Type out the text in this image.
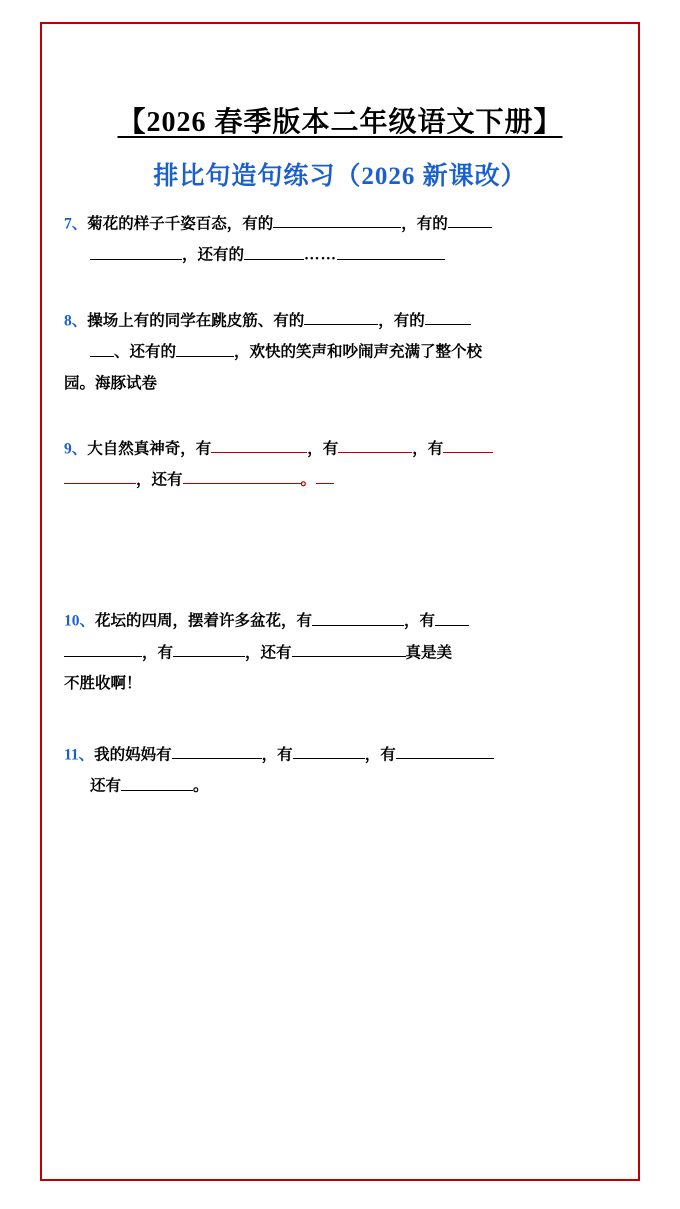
【2026 春季版本二年级语文下册】
排比句造句练习（2026 新课改）
7、菊花的样子千姿百态，有的	，有的
，还有的	……
8、操场上有的同学在跳皮筋、有的	，有的
、还有的	，欢快的笑声和吵闹声充满了整个校
园。海豚试卷
9、大自然真神奇，有	，有	，有
，还有	。
10、花坛的四周，摆着许多盆花，有	，有
，有	，还有	真是美
不胜收啊！
11、我的妈妈有	，有	，有
还有	。
